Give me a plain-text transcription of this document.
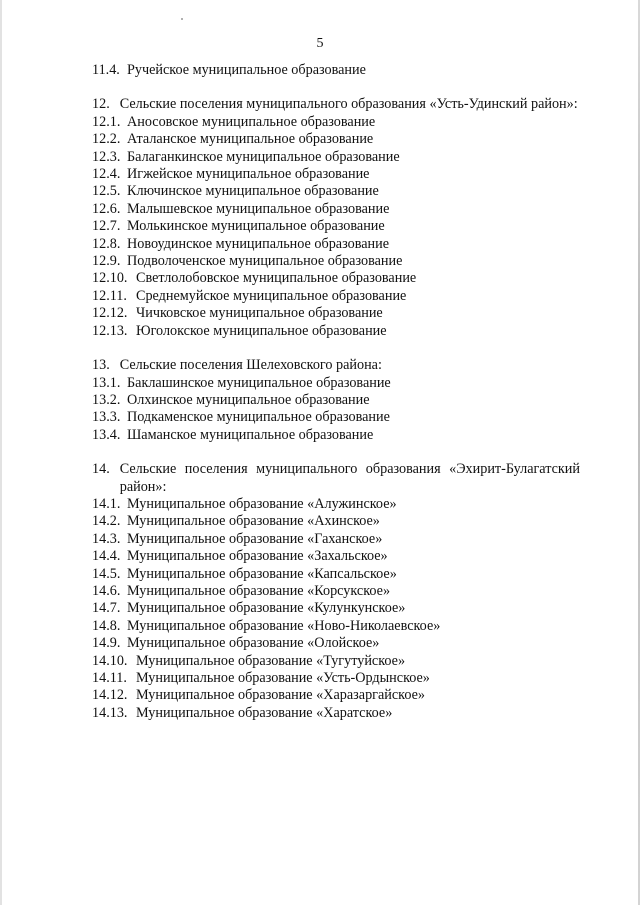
5
11.4. Ручейское муниципальное образование
12. Сельские поселения муниципального образования «Усть-Удинский район»:
12.1. Аносовское муниципальное образование
12.2. Аталанское муниципальное образование
12.3. Балаганкинское муниципальное образование
12.4. Игжейское муниципальное образование
12.5. Ключинское муниципальное образование
12.6. Малышевское муниципальное образование
12.7. Молькинское муниципальное образование
12.8. Новоудинское муниципальное образование
12.9. Подволоченское муниципальное образование
12.10. Светлолобовское муниципальное образование
12.11. Среднемуйское муниципальное образование
12.12. Чичковское муниципальное образование
12.13. Юголокское муниципальное образование
13. Сельские поселения Шелеховского района:
13.1. Баклашинское муниципальное образование
13.2. Олхинское муниципальное образование
13.3. Подкаменское муниципальное образование
13.4. Шаманское муниципальное образование
14. Сельские поселения муниципального образования «Эхирит-Булагатский район»:
14.1. Муниципальное образование «Алужинское»
14.2. Муниципальное образование «Ахинское»
14.3. Муниципальное образование «Гаханское»
14.4. Муниципальное образование «Захальское»
14.5. Муниципальное образование «Капсальское»
14.6. Муниципальное образование «Корсукское»
14.7. Муниципальное образование «Кулункунское»
14.8. Муниципальное образование «Ново-Николаевское»
14.9. Муниципальное образование «Олойское»
14.10. Муниципальное образование «Тугутуйское»
14.11. Муниципальное образование «Усть-Ордынское»
14.12. Муниципальное образование «Харазаргайское»
14.13. Муниципальное образование «Харатское»
